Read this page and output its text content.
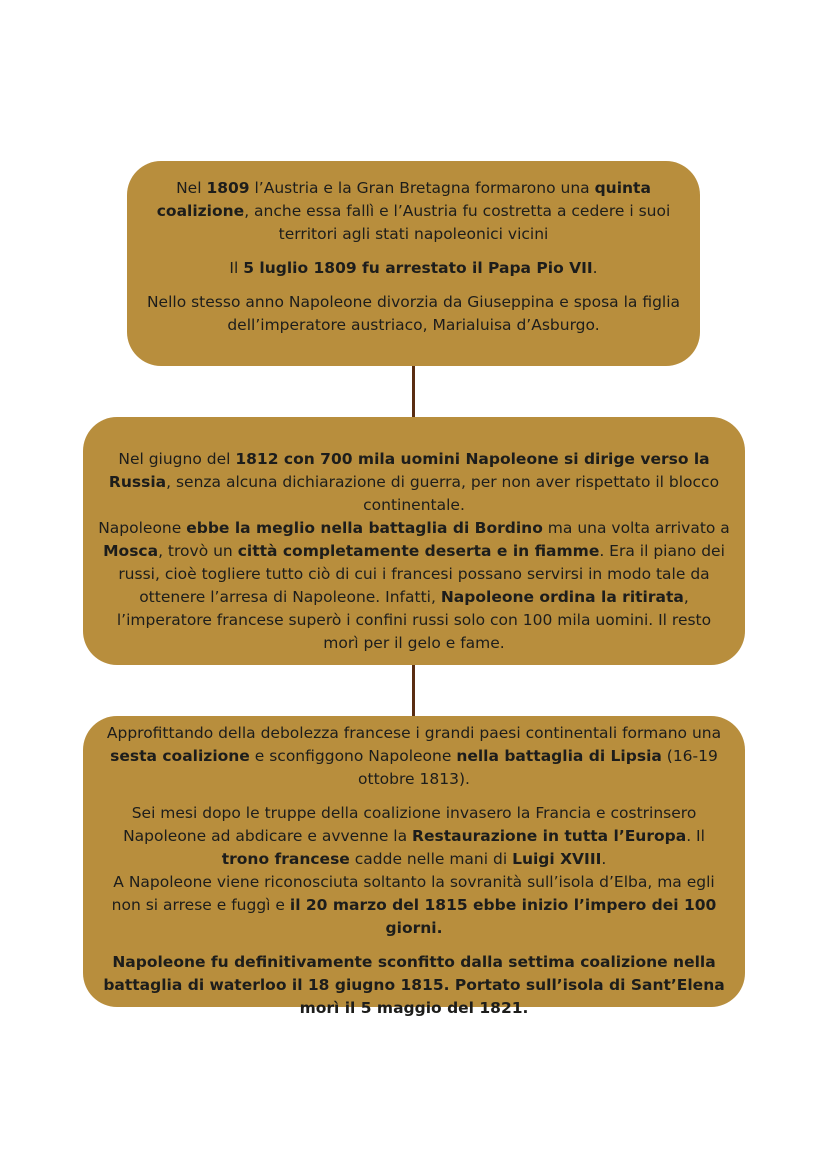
Nel 1809 l’Austria e la Gran Bretagna formarono una quinta coalizione, anche essa fallì e l’Austria fu costretta a cedere i suoi territori agli stati napoleonici vicini

Il 5 luglio 1809 fu arrestato il Papa Pio VII.

Nello stesso anno Napoleone divorzia da Giuseppina e sposa la figlia dell’imperatore austriaco, Marialuisa d’Asburgo.

Nel giugno del 1812 con 700 mila uomini Napoleone si dirige verso la Russia, senza alcuna dichiarazione di guerra, per non aver rispettato il blocco continentale.

Napoleone ebbe la meglio nella battaglia di Bordino ma una volta arrivato a Mosca, trovò un città completamente deserta e in fiamme. Era il piano dei russi, cioè togliere tutto ciò di cui i francesi possano servirsi in modo tale da ottenere l’arresa di Napoleone. Infatti, Napoleone ordina la ritirata, l’imperatore francese superò i confini russi solo con 100 mila uomini. Il resto morì per il gelo e fame.

Approfittando della debolezza francese i grandi paesi continentali formano una sesta coalizione e sconfiggono Napoleone nella battaglia di Lipsia (16-19 ottobre 1813).

Sei mesi dopo le truppe della coalizione invasero la Francia e costrinsero Napoleone ad abdicare e avvenne la Restaurazione in tutta l’Europa. Il trono francese cadde nelle mani di Luigi XVIII.

A Napoleone viene riconosciuta soltanto la sovranità sull’isola d’Elba, ma egli non si arrese e fuggì e il 20 marzo del 1815 ebbe inizio l’impero dei 100 giorni.

Napoleone fu definitivamente sconfitto dalla settima coalizione nella battaglia di waterloo il 18 giugno 1815. Portato sull’isola di Sant’Elena morì il 5 maggio del 1821.
